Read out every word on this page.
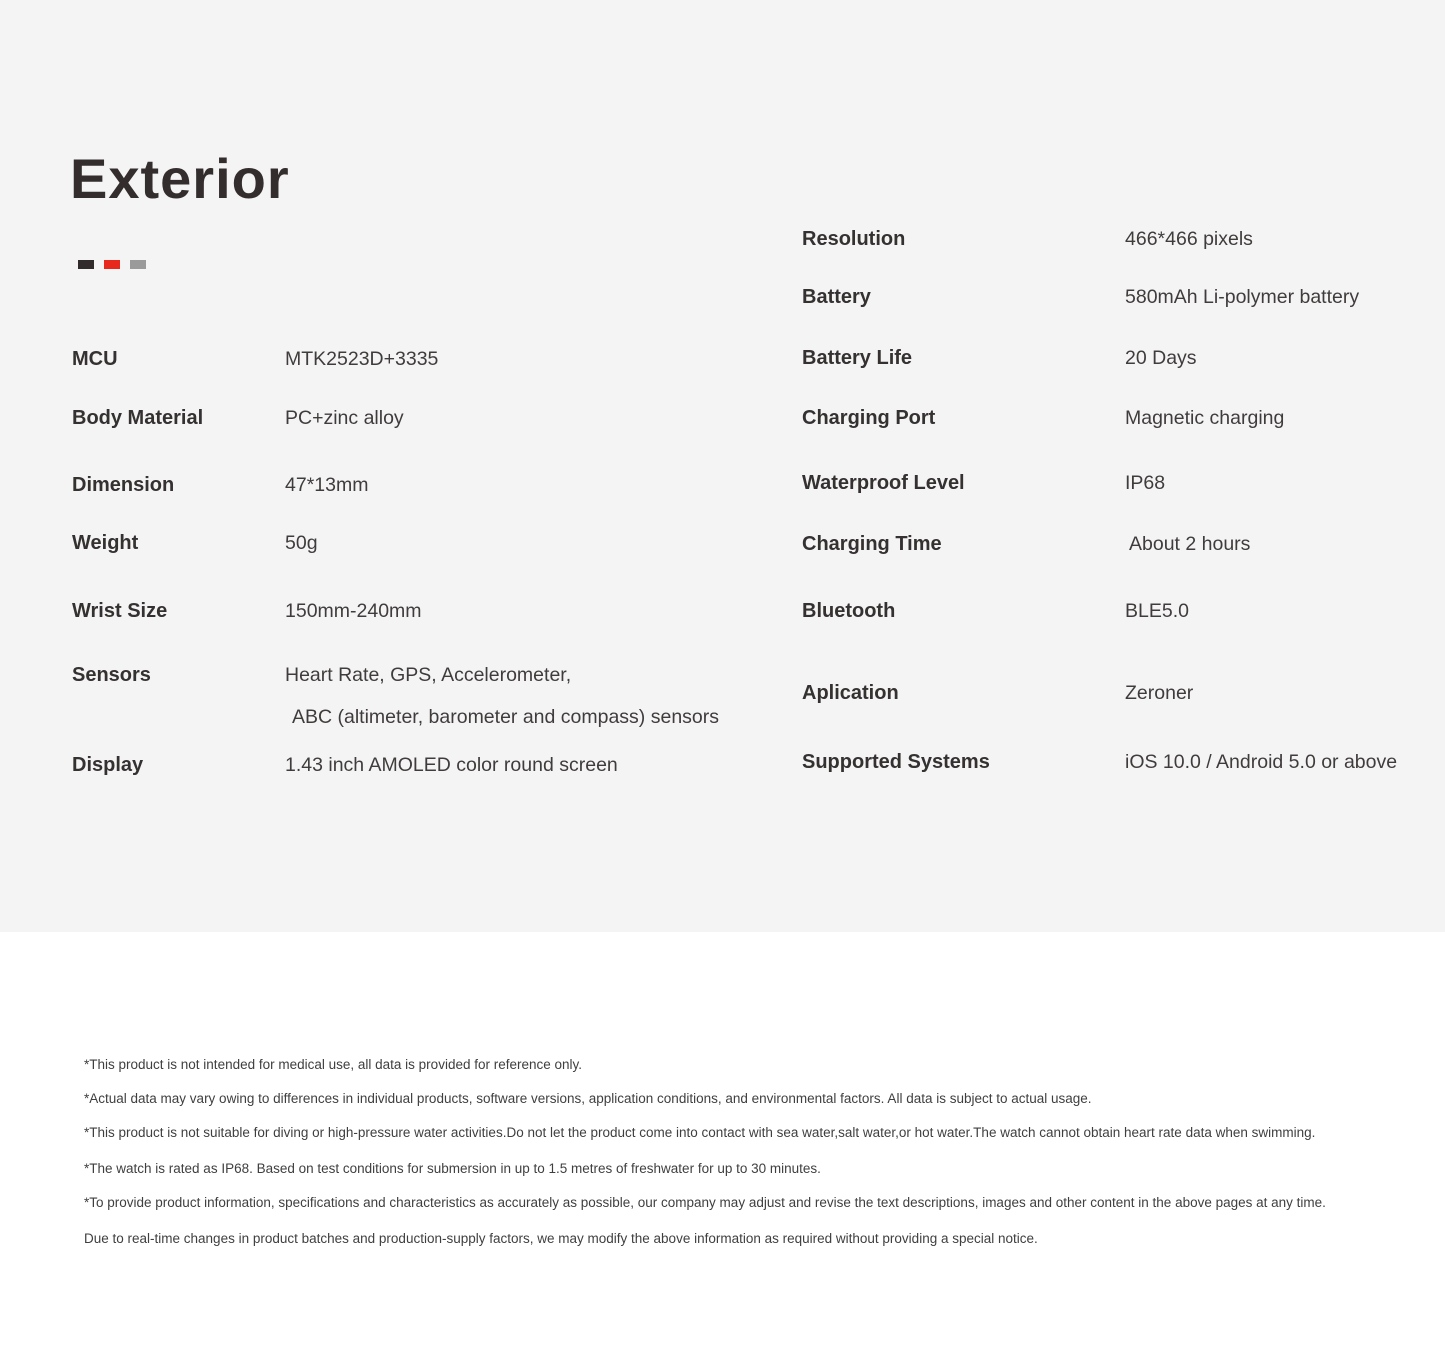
Exterior
MCU	MTK2523D+3335
Body Material	PC+zinc alloy
Dimension	47*13mm
Weight	50g
Wrist Size	150mm-240mm
Sensors	Heart Rate, GPS, Accelerometer,
ABC (altimeter, barometer and compass) sensors
Display	1.43 inch AMOLED color round screen
Resolution	466*466 pixels
Battery	580mAh Li-polymer battery
Battery Life	20 Days
Charging Port	Magnetic charging
Waterproof Level	IP68
Charging Time	About 2 hours
Bluetooth	BLE5.0
Aplication	Zeroner
Supported Systems	iOS 10.0 / Android 5.0 or above

*This product is not intended for medical use, all data is provided for reference only.

*Actual data may vary owing to differences in individual products, software versions, application conditions, and environmental factors. All data is subject to actual usage.

*This product is not suitable for diving or high-pressure water activities.Do not let the product come into contact with sea water,salt water,or hot water.The watch cannot obtain heart rate data when swimming.

*The watch is rated as IP68. Based on test conditions for submersion in up to 1.5 metres of freshwater for up to 30 minutes.

*To provide product information, specifications and characteristics as accurately as possible, our company may adjust and revise the text descriptions, images and other content in the above pages at any time.

Due to real-time changes in product batches and production-supply factors, we may modify the above information as required without providing a special notice.
